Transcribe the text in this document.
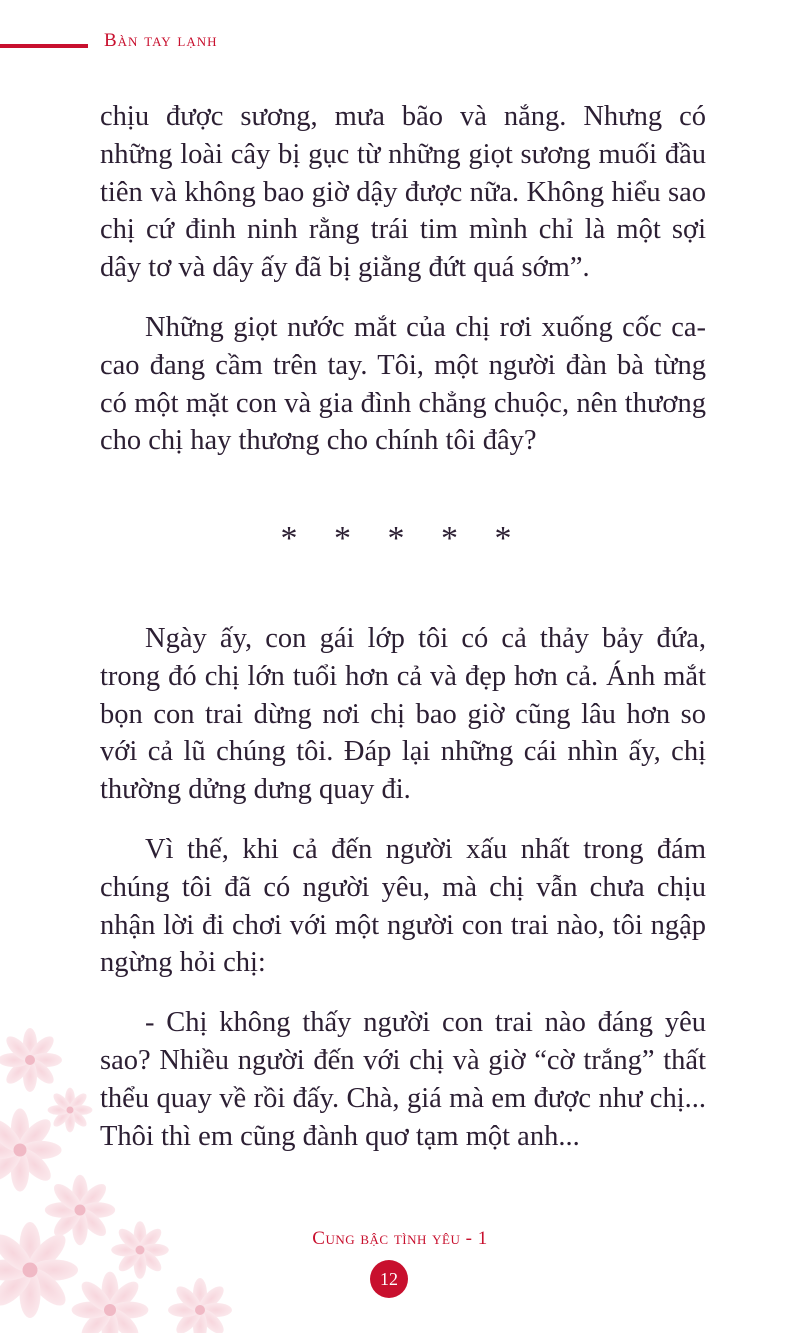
Bàn tay lạnh

chịu được sương, mưa bão và nắng. Nhưng có những loài cây bị gục từ những giọt sương muối đầu tiên và không bao giờ dậy được nữa. Không hiểu sao chị cứ đinh ninh rằng trái tim mình chỉ là một sợi dây tơ và dây ấy đã bị giằng đứt quá sớm”.

Những giọt nước mắt của chị rơi xuống cốc ca-cao đang cầm trên tay. Tôi, một người đàn bà từng có một mặt con và gia đình chẳng chuộc, nên thương cho chị hay thương cho chính tôi đây?

* * * * *

Ngày ấy, con gái lớp tôi có cả thảy bảy đứa, trong đó chị lớn tuổi hơn cả và đẹp hơn cả. Ánh mắt bọn con trai dừng nơi chị bao giờ cũng lâu hơn so với cả lũ chúng tôi. Đáp lại những cái nhìn ấy, chị thường dửng dưng quay đi.

Vì thế, khi cả đến người xấu nhất trong đám chúng tôi đã có người yêu, mà chị vẫn chưa chịu nhận lời đi chơi với một người con trai nào, tôi ngập ngừng hỏi chị:

- Chị không thấy người con trai nào đáng yêu sao? Nhiều người đến với chị và giờ “cờ trắng” thất thểu quay về rồi đấy. Chà, giá mà em được như chị... Thôi thì em cũng đành quơ tạm một anh...

Cung bậc tình yêu - 1
12
